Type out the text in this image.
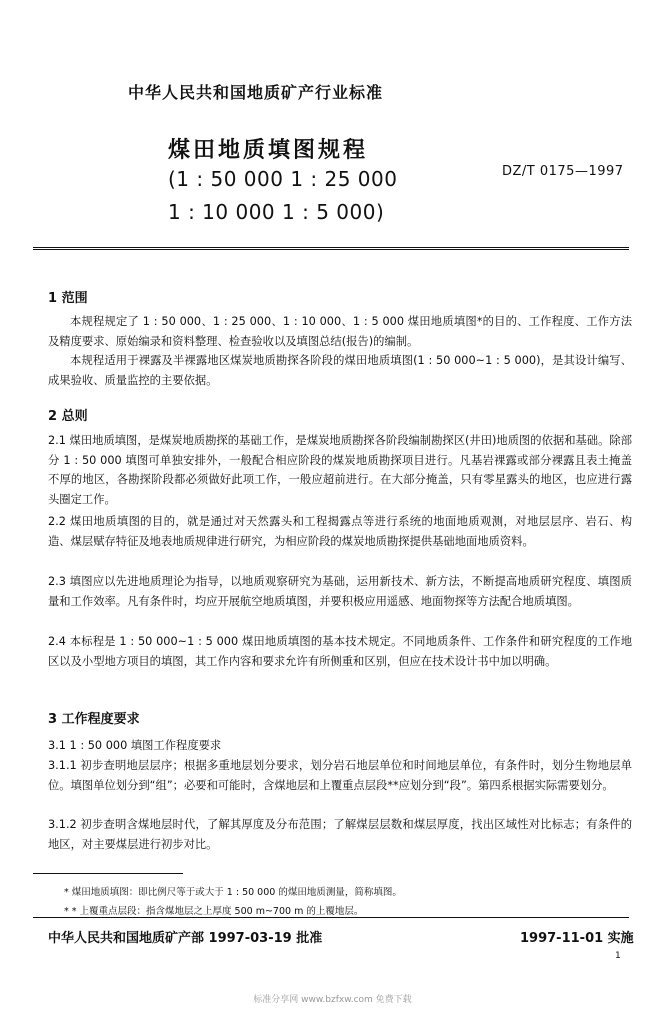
中华人民共和国地质矿产行业标准
煤田地质填图规程
(1 : 50 000 1 : 25 000
1 : 10 000 1 : 5 000)
DZ/T 0175—1997
1 范围

本规程规定了 1 : 50 000、1 : 25 000、1 : 10 000、1 : 5 000 煤田地质填图*的目的、工作程度、工作方法及精度要求、原始编录和资料整理、检查验收以及填图总结(报告)的编制。

本规程适用于裸露及半裸露地区煤炭地质勘探各阶段的煤田地质填图(1 : 50 000~1 : 5 000)，是其设计编写、成果验收、质量监控的主要依据。

2 总则

2.1 煤田地质填图，是煤炭地质勘探的基础工作，是煤炭地质勘探各阶段编制勘探区(井田)地质图的依据和基础。除部分 1 : 50 000 填图可单独安排外，一般配合相应阶段的煤炭地质勘探项目进行。凡基岩裸露或部分裸露且表土掩盖不厚的地区，各勘探阶段都必须做好此项工作，一般应超前进行。在大部分掩盖，只有零星露头的地区，也应进行露头圈定工作。

2.2 煤田地质填图的目的，就是通过对天然露头和工程揭露点等进行系统的地面地质观测，对地层层序、岩石、构造、煤层赋存特征及地表地质规律进行研究，为相应阶段的煤炭地质勘探提供基础地面地质资料。

2.3 填图应以先进地质理论为指导，以地质观察研究为基础，运用新技术、新方法，不断提高地质研究程度、填图质量和工作效率。凡有条件时，均应开展航空地质填图，并要积极应用遥感、地面物探等方法配合地质填图。

2.4 本标程是 1 : 50 000~1 : 5 000 煤田地质填图的基本技术规定。不同地质条件、工作条件和研究程度的工作地区以及小型地方项目的填图，其工作内容和要求允许有所侧重和区别，但应在技术设计书中加以明确。

3 工作程度要求

3.1 1 : 50 000 填图工作程度要求

3.1.1 初步查明地层层序；根据多重地层划分要求，划分岩石地层单位和时间地层单位，有条件时，划分生物地层单位。填图单位划分到“组”；必要和可能时，含煤地层和上覆重点层段**应划分到“段”。第四系根据实际需要划分。

3.1.2 初步查明含煤地层时代，了解其厚度及分布范围；了解煤层层数和煤层厚度，找出区域性对比标志；有条件的地区，对主要煤层进行初步对比。

* 煤田地质填图：即比例尺等于或大于 1 : 50 000 的煤田地质测量，简称填图。
* * 上覆重点层段：指含煤地层之上厚度 500 m~700 m 的上覆地层。
中华人民共和国地质矿产部 1997-03-19 批准	1997-11-01 实施
1
标准分享网 www.bzfxw.com 免费下载
